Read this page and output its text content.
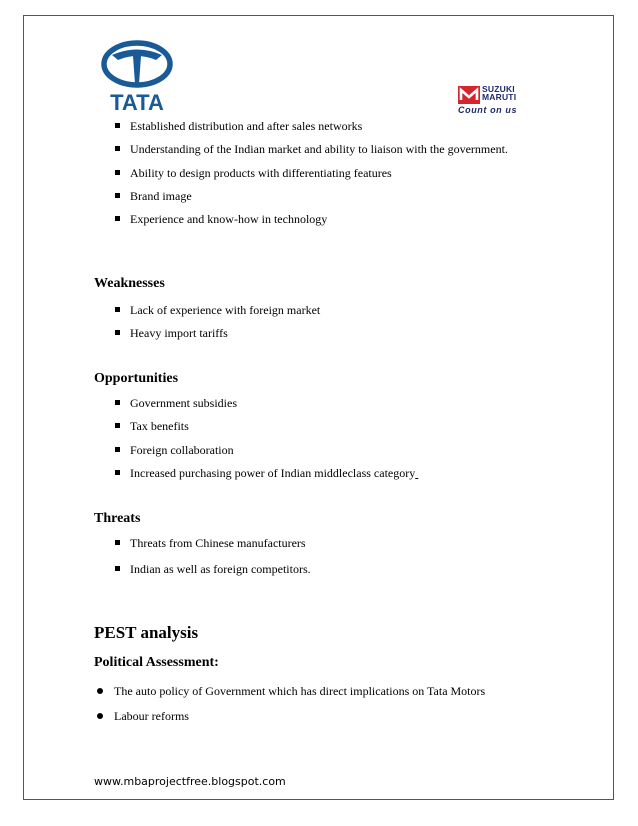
TATA
SUZUKI
MARUTI
Count on us
Established distribution and after sales networks
Understanding of the Indian market and ability to liaison with the government.
Ability to design products with differentiating features
Brand image
Experience and know-how in technology
Weaknesses
Lack of experience with foreign market
Heavy import tariffs
Opportunities
Government subsidies
Tax benefits
Foreign collaboration
Increased purchasing power of Indian middleclass category
Threats
Threats from Chinese manufacturers
Indian as well as foreign competitors.
PEST analysis
Political Assessment:
The auto policy of Government which has direct implications on Tata Motors
Labour reforms
www.mbaprojectfree.blogspot.com
